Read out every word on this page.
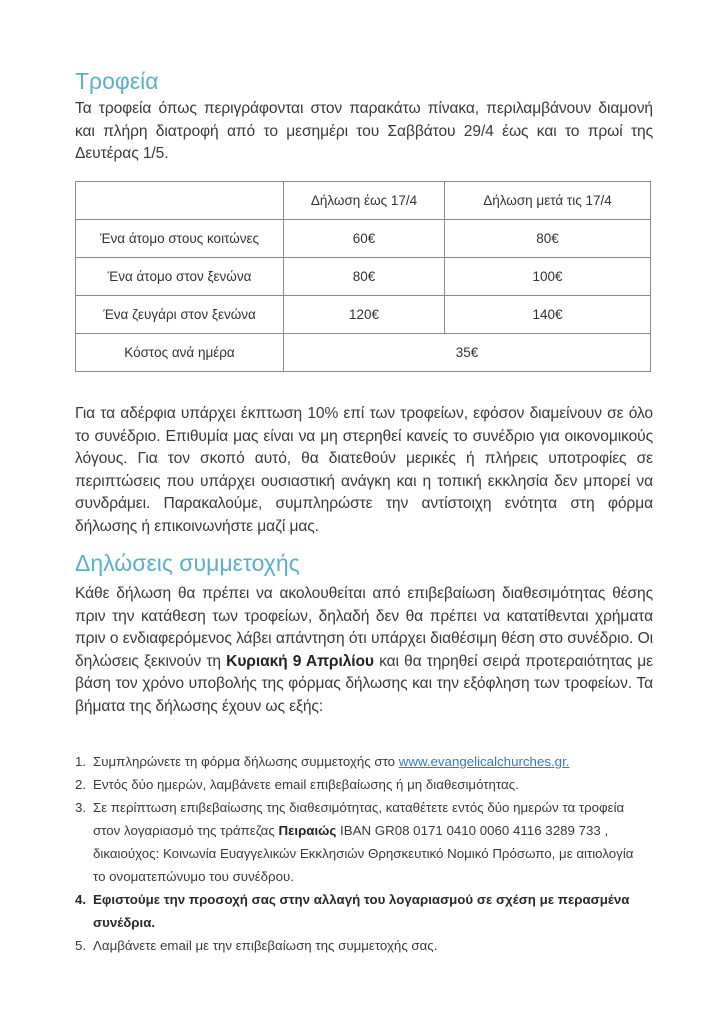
Τροφεία

Τα τροφεία όπως περιγράφονται στον παρακάτω πίνακα, περιλαμβάνουν διαμονή και πλήρη διατροφή από το μεσημέρι του Σαββάτου 29/4 έως και το πρωί της Δευτέρας 1/5.

	Δήλωση έως 17/4	Δήλωση μετά τις 17/4
Ένα άτομο στους κοιτώνες	60€	80€
Ένα άτομο στον ξενώνα	80€	100€
Ένα ζευγάρι στον ξενώνα	120€	140€
Κόστος ανά ημέρα	35€	

Για τα αδέρφια υπάρχει έκπτωση 10% επί των τροφείων, εφόσον διαμείνουν σε όλο το συνέδριο. Επιθυμία μας είναι να μη στερηθεί κανείς το συνέδριο για οικονομικούς λόγους. Για τον σκοπό αυτό, θα διατεθούν μερικές ή πλήρεις υποτροφίες σε περιπτώσεις που υπάρχει ουσιαστική ανάγκη και η τοπική εκκλησία δεν μπορεί να συνδράμει. Παρακαλούμε, συμπληρώστε την αντίστοιχη ενότητα στη φόρμα δήλωσης ή επικοινωνήστε μαζί μας.

Δηλώσεις συμμετοχής

Κάθε δήλωση θα πρέπει να ακολουθείται από επιβεβαίωση διαθεσιμότητας θέσης πριν την κατάθεση των τροφείων, δηλαδή δεν θα πρέπει να κατατίθενται χρήματα πριν ο ενδιαφερόμενος λάβει απάντηση ότι υπάρχει διαθέσιμη θέση στο συνέδριο. Οι δηλώσεις ξεκινούν τη Κυριακή 9 Απριλίου και θα τηρηθεί σειρά προτεραιότητας με βάση τον χρόνο υποβολής της φόρμας δήλωσης και την εξόφληση των τροφείων. Τα βήματα της δήλωσης έχουν ως εξής:

1. Συμπληρώνετε τη φόρμα δήλωσης συμμετοχής στο www.evangelicalchurches.gr.
2. Εντός δύο ημερών, λαμβάνετε email επιβεβαίωσης ή μη διαθεσιμότητας.
3. Σε περίπτωση επιβεβαίωσης της διαθεσιμότητας, καταθέτετε εντός δύο ημερών τα τροφεία στον λογαριασμό της τράπεζας Πειραιώς IBAN GR08 0171 0410 0060 4116 3289 733 , δικαιούχος: Κοινωνία Ευαγγελικών Εκκλησιών Θρησκευτικό Νομικό Πρόσωπο, με αιτιολογία το ονοματεπώνυμο του συνέδρου.
4. Εφιστούμε την προσοχή σας στην αλλαγή του λογαριασμού σε σχέση με περασμένα συνέδρια.
5. Λαμβάνετε email με την επιβεβαίωση της συμμετοχής σας.
